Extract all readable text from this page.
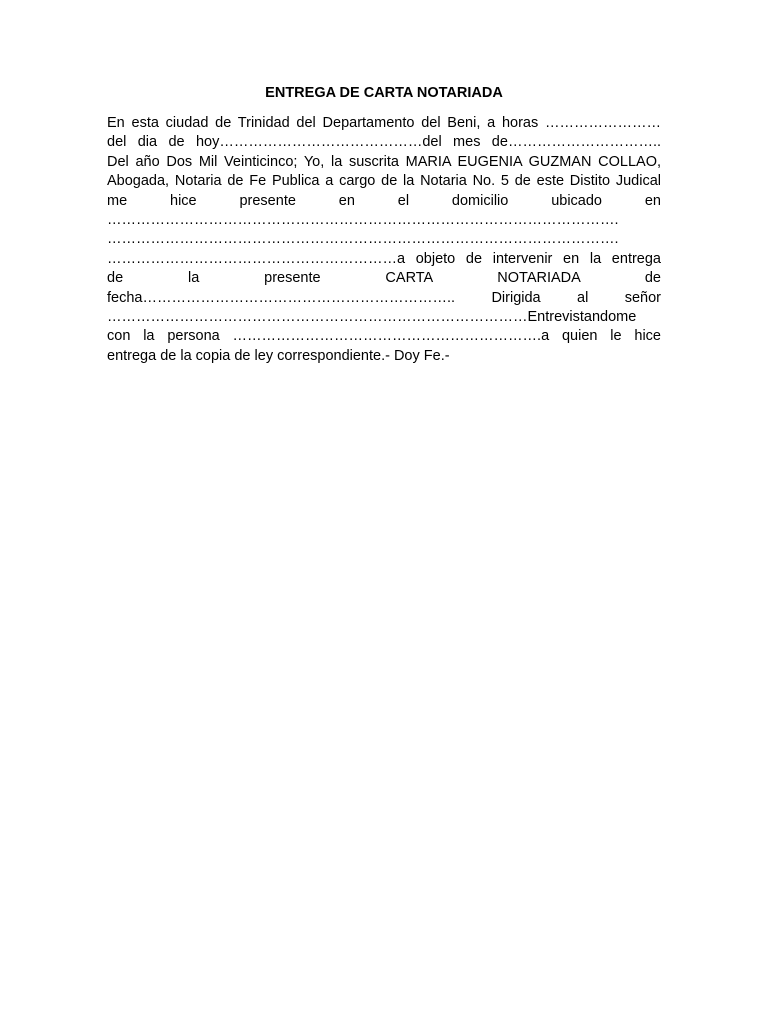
ENTREGA DE CARTA NOTARIADA
En esta ciudad de Trinidad del Departamento del Beni, a horas ……………………
del dia de hoy……………………………………del mes de…………………………..
Del año Dos Mil Veinticinco; Yo, la suscrita MARIA EUGENIA GUZMAN COLLAO,
Abogada, Notaria de Fe Publica a cargo de la Notaria No. 5 de este Distito Judical
me hice presente en el domicilio ubicado en
…………………………………………………………………………………………….
…………………………………………………………………………………………….
……………………………………………………a objeto de intervenir en la entrega
de la presente CARTA NOTARIADA de
fecha……………………………………………………….. Dirigida al señor
……………………………………………………………………………Entrevistandome
con la persona ……………………………………………………….a quien le hice
entrega de la copia de ley correspondiente.- Doy Fe.-
